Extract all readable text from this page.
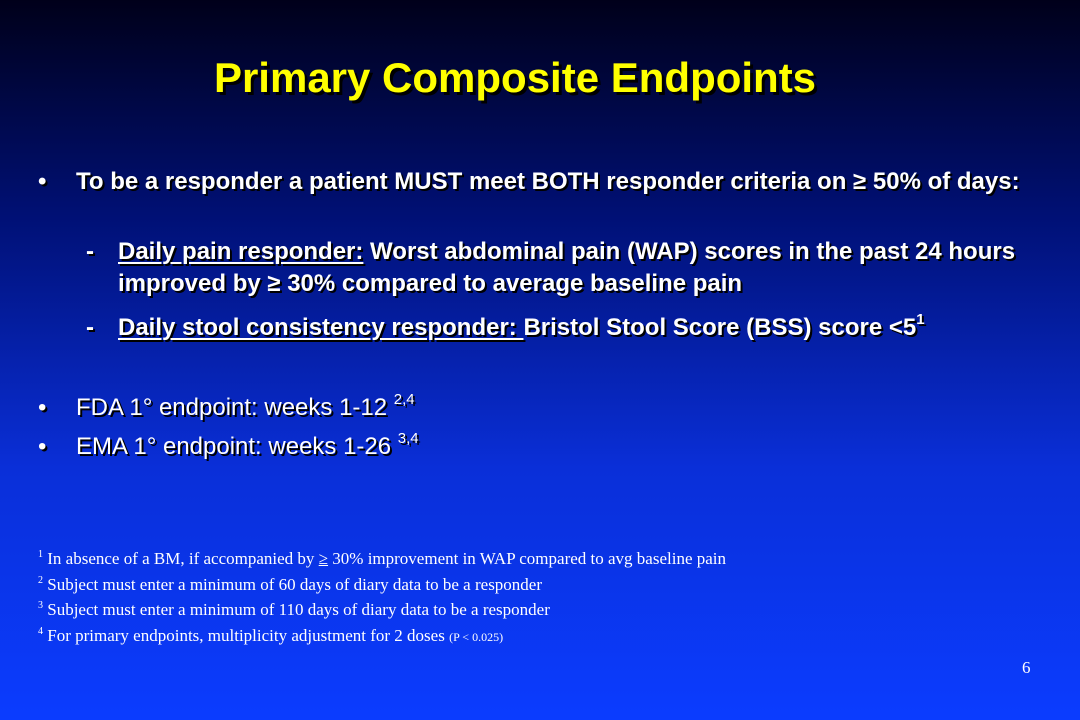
Primary Composite Endpoints
•	To be a responder a patient MUST meet BOTH responder criteria on ≥ 50% of days:
-	Daily pain responder: Worst abdominal pain (WAP) scores in the past 24 hours improved by ≥ 30% compared to average baseline pain
-	Daily stool consistency responder: Bristol Stool Score (BSS) score $<5^1$
•	FDA 1° endpoint: weeks 1-12 $^{2,4}$
•	EMA 1° endpoint: weeks 1-26 $^{3,4}$
$^1$ In absence of a BM, if accompanied by ≥ 30% improvement in WAP compared to avg baseline pain
$^2$ Subject must enter a minimum of 60 days of diary data to be a responder
$^3$ Subject must enter a minimum of 110 days of diary data to be a responder
$^4$ For primary endpoints, multiplicity adjustment for 2 doses (P < 0.025)
6
